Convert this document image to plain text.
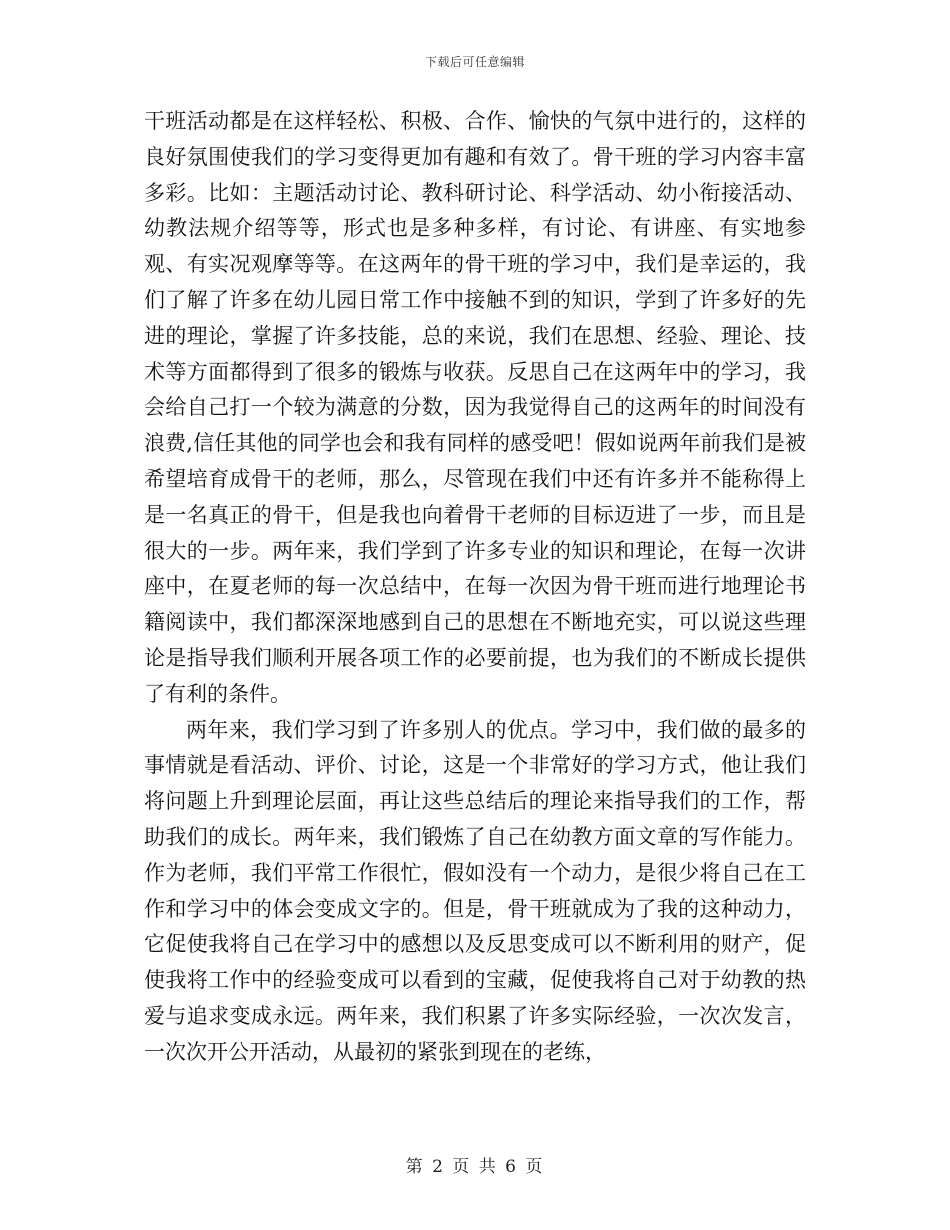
下载后可任意编辑

干班活动都是在这样轻松、积极、合作、愉快的气氛中进行的，这样的良好氛围使我们的学习变得更加有趣和有效了。骨干班的学习内容丰富多彩。比如：主题活动讨论、教科研讨论、科学活动、幼小衔接活动、幼教法规介绍等等，形式也是多种多样，有讨论、有讲座、有实地参观、有实况观摩等等。在这两年的骨干班的学习中，我们是幸运的，我们了解了许多在幼儿园日常工作中接触不到的知识，学到了许多好的先进的理论，掌握了许多技能，总的来说，我们在思想、经验、理论、技术等方面都得到了很多的锻炼与收获。反思自己在这两年中的学习，我会给自己打一个较为满意的分数，因为我觉得自己的这两年的时间没有浪费,信任其他的同学也会和我有同样的感受吧！假如说两年前我们是被希望培育成骨干的老师，那么，尽管现在我们中还有许多并不能称得上是一名真正的骨干，但是我也向着骨干老师的目标迈进了一步，而且是很大的一步。两年来，我们学到了许多专业的知识和理论，在每一次讲座中，在夏老师的每一次总结中，在每一次因为骨干班而进行地理论书籍阅读中，我们都深深地感到自己的思想在不断地充实，可以说这些理论是指导我们顺利开展各项工作的必要前提，也为我们的不断成长提供了有利的条件。

两年来，我们学习到了许多别人的优点。学习中，我们做的最多的事情就是看活动、评价、讨论，这是一个非常好的学习方式，他让我们将问题上升到理论层面，再让这些总结后的理论来指导我们的工作，帮助我们的成长。两年来，我们锻炼了自己在幼教方面文章的写作能力。作为老师，我们平常工作很忙，假如没有一个动力，是很少将自己在工作和学习中的体会变成文字的。但是，骨干班就成为了我的这种动力，它促使我将自己在学习中的感想以及反思变成可以不断利用的财产，促使我将工作中的经验变成可以看到的宝藏，促使我将自己对于幼教的热爱与追求变成永远。两年来，我们积累了许多实际经验，一次次发言，一次次开公开活动，从最初的紧张到现在的老练，

第 2 页 共 6 页
